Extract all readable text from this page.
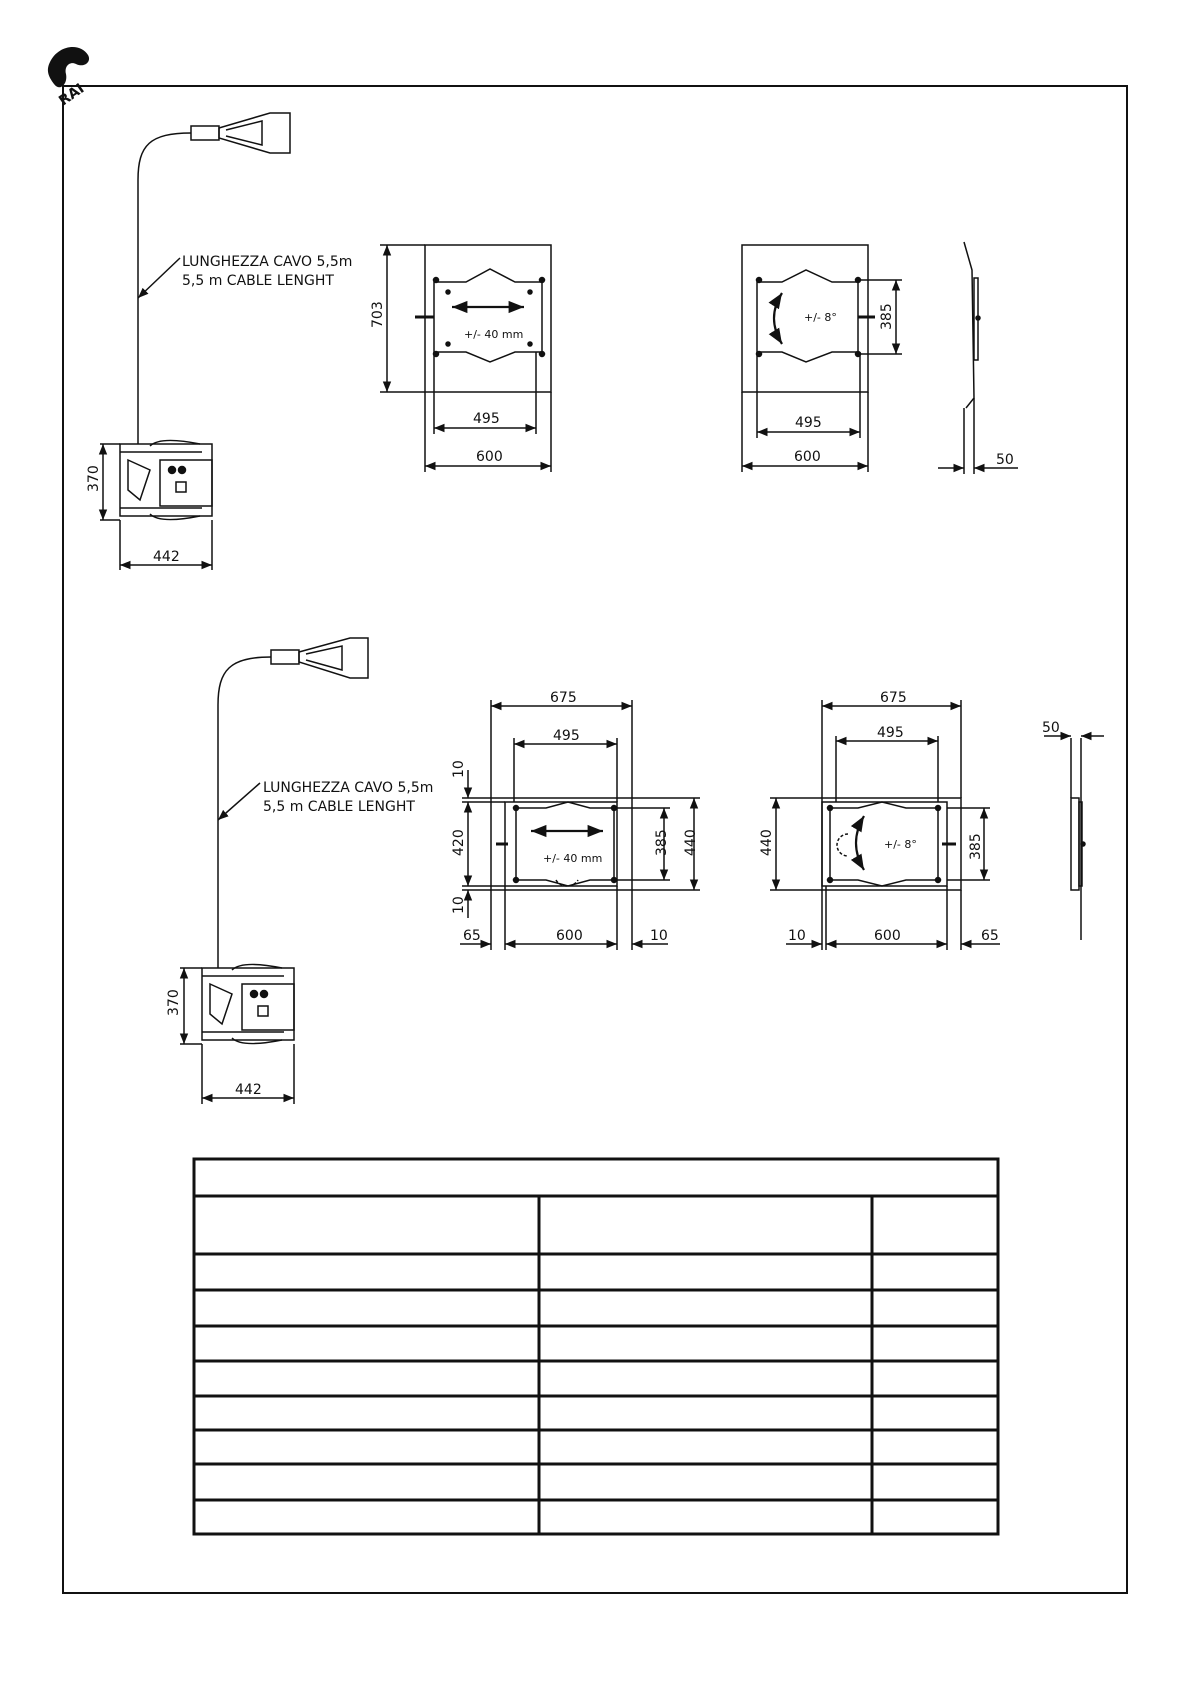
RAI
LUNGHEZZA CAVO 5,5m
5,5 m CABLE LENGHT
370
442
703
+/- 40 mm
495
600
+/- 8°	385
495
600	50
LUNGHEZZA CAVO 5,5m
5,5 m CABLE LENGHT
370
442
675
495
10
420
10
+/- 40 mm
385 440
65	600	10
675
495
440	+/- 8°	385
10	600	65
50
